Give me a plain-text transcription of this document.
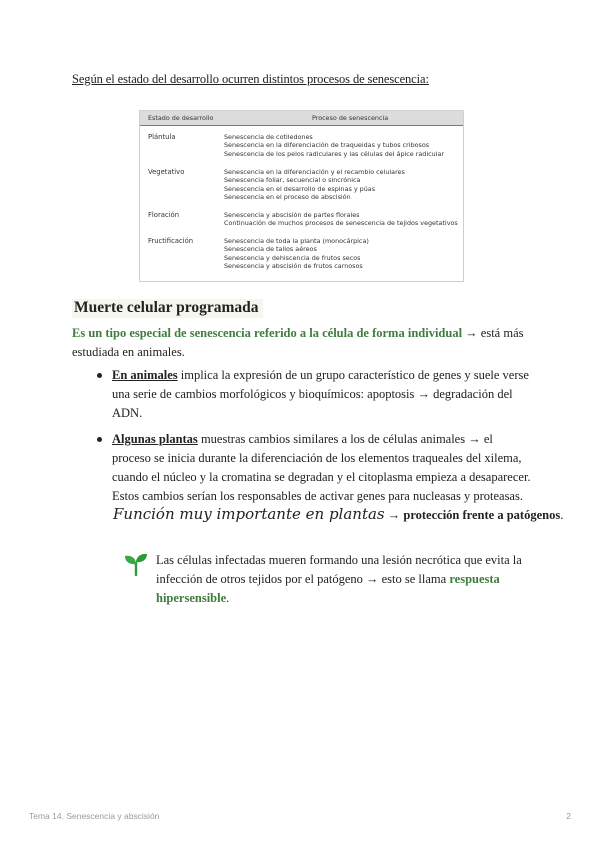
Según el estado del desarrollo ocurren distintos procesos de senescencia:
Estado de desarrollo	Proceso de senescencia
Plántula	Senescencia de cotiledones
Senescencia en la diferenciación de traqueidas y tubos cribosos
Senescencia de los pelos radiculares y las células del ápice radicular
Vegetativo	Senescencia en la diferenciación y el recambio celulares
Senescencia foliar, secuencial o sincrónica
Senescencia en el desarrollo de espinas y púas
Senescencia en el proceso de abscisión
Floración	Senescencia y abscisión de partes florales
Continuación de muchos procesos de senescencia de tejidos vegetativos
Fructificación	Senescencia de toda la planta (monocárpica)
Senescencia de tallos aéreos
Senescencia y dehiscencia de frutos secos
Senescencia y abscisión de frutos carnosos
Muerte celular programada
Es un tipo especial de senescencia referido a la célula de forma individual → está más estudiada en animales.
En animales implica la expresión de un grupo característico de genes y suele verse una serie de cambios morfológicos y bioquímicos: apoptosis → degradación del ADN.
Algunas plantas muestras cambios similares a los de células animales → el proceso se inicia durante la diferenciación de los elementos traqueales del xilema, cuando el núcleo y la cromatina se degradan y el citoplasma empieza a desaparecer. Estos cambios serían los responsables de activar genes para nucleasas y proteasas.
Función muy importante en plantas → protección frente a patógenos.
Las células infectadas mueren formando una lesión necrótica que evita la infección de otros tejidos por el patógeno → esto se llama respuesta hipersensible.
Tema 14. Senescencia y abscisión	2
